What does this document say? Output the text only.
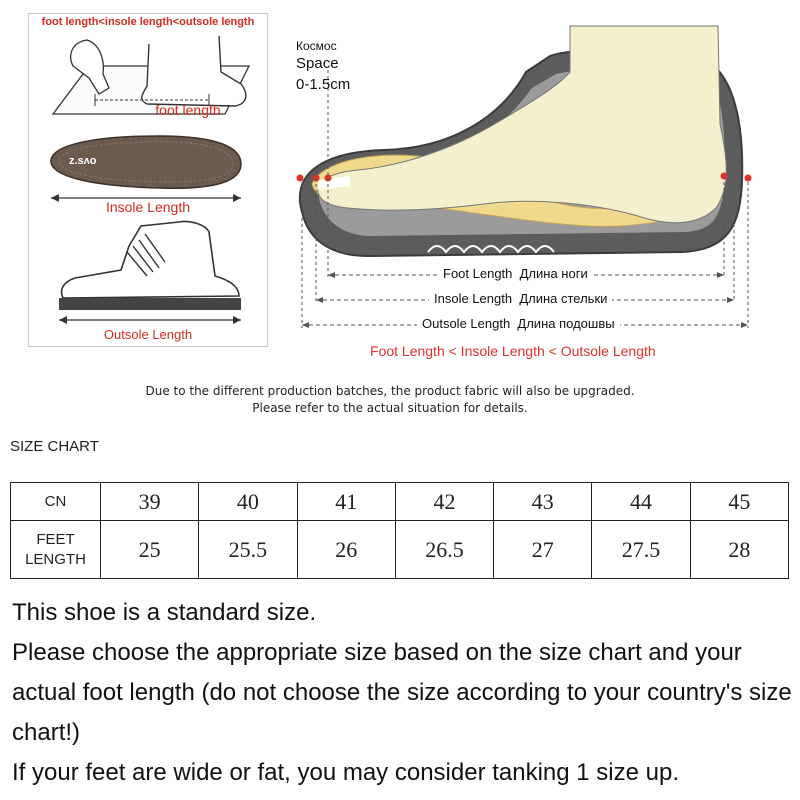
foot length<insole length<outsole length
foot length
z.sʌo
Insole Length
Outsole Length
Космос
Space
0-1.5cm
Foot Length Длина ноги
Insole Length Длина стельки
Outsole Length Длина подошвы
Foot Length < Insole Length < Outsole Length
Due to the different production batches, the product fabric will also be upgraded.
Please refer to the actual situation for details.
SIZE CHART
CN	39	40	41	42	43	44	45

FEET
LENGTH	25	25.5	26	26.5	27	27.5	28

This shoe is a standard size.

Please choose the appropriate size based on the size chart and your actual foot length (do not choose the size according to your country's size chart!)

If your feet are wide or fat, you may consider tanking 1 size up.
